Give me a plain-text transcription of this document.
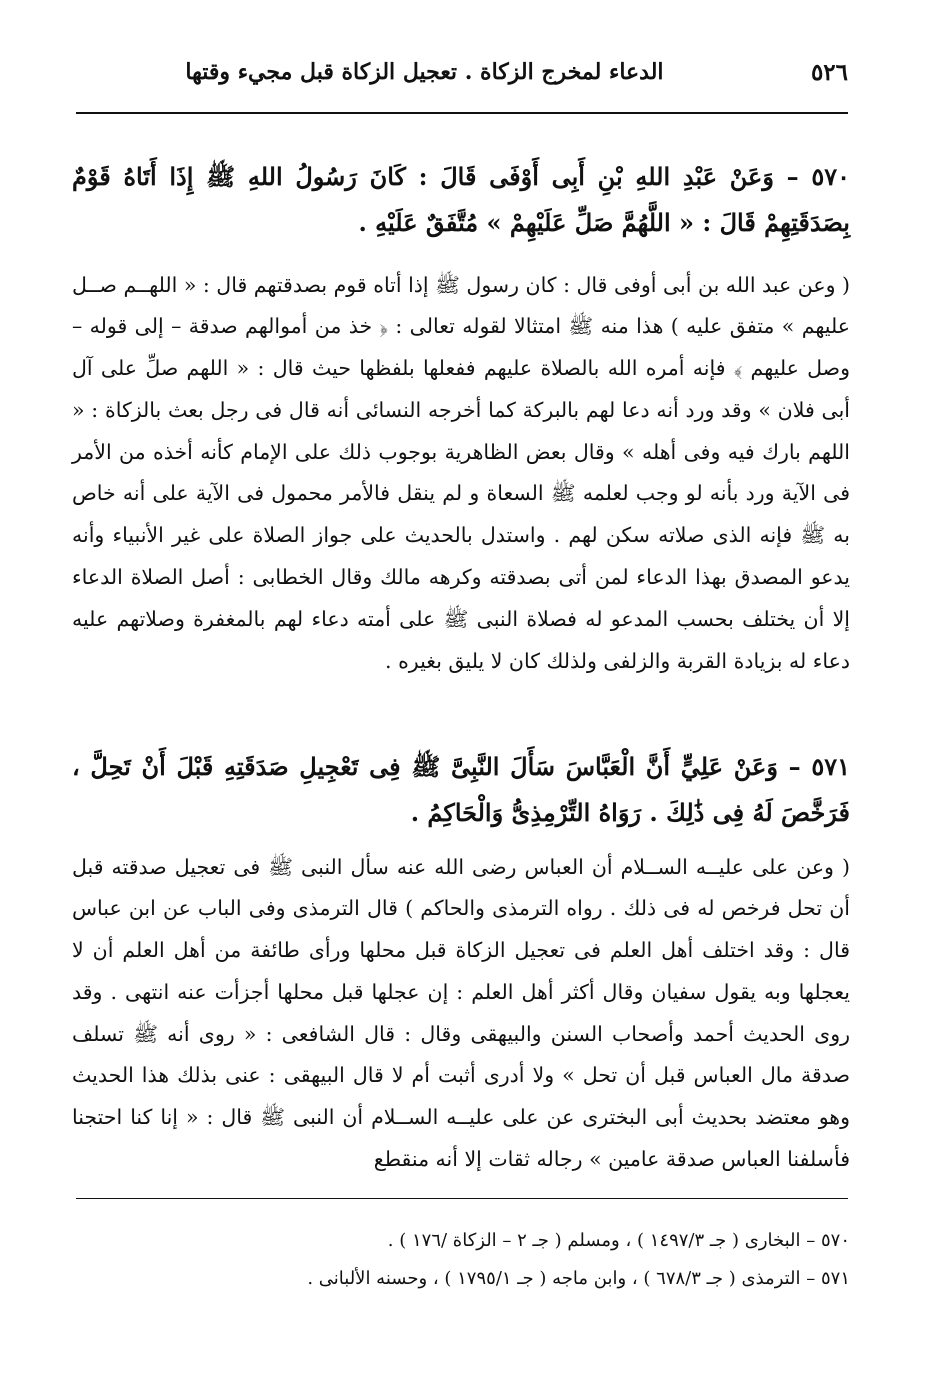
٥٢٦
الدعاء لمخرج الزكاة . تعجيل الزكاة قبل مجيء وقتها

٥٧٠ – وَعَنْ عَبْدِ اللهِ بْنِ أَبِى أَوْفَى قَالَ : كَانَ رَسُولُ اللهِ ﷺ إِذَا أَتَاهُ قَوْمٌ بِصَدَقَتِهِمْ قَالَ : « اللَّهُمَّ صَلِّ عَلَيْهِمْ » مُتَّفَقٌ عَلَيْهِ .

( وعن عبد الله بن أبى أوفى قال : كان رسول ﷺ إذا أتاه قوم بصدقتهم قال : « اللهــم صــل عليهم » متفق عليه ) هذا منه ﷺ امتثالا لقوله تعالى : ﴿ خذ من أموالهم صدقة – إلى قوله – وصل عليهم ﴾ فإنه أمره الله بالصلاة عليهم ففعلها بلفظها حيث قال : « اللهم صلِّ على آل أبى فلان » وقد ورد أنه دعا لهم بالبركة كما أخرجه النسائى أنه قال فى رجل بعث بالزكاة : « اللهم بارك فيه وفى أهله » وقال بعض الظاهرية بوجوب ذلك على الإمام كأنه أخذه من الأمر فى الآية ورد بأنه لو وجب لعلمه ﷺ السعاة و لم ينقل فالأمر محمول فى الآية على أنه خاص به ﷺ فإنه الذى صلاته سكن لهم . واستدل بالحديث على جواز الصلاة على غير الأنبياء وأنه يدعو المصدق بهذا الدعاء لمن أتى بصدقته وكرهه مالك وقال الخطابى : أصل الصلاة الدعاء إلا أن يختلف بحسب المدعو له فصلاة النبى ﷺ على أمته دعاء لهم بالمغفرة وصلاتهم عليه دعاء له بزيادة القربة والزلفى ولذلك كان لا يليق بغيره .

٥٧١ – وَعَنْ عَلِيٍّ أَنَّ الْعَبَّاسَ سَأَلَ النَّبِىَّ ﷺ فِى تَعْجِيلِ صَدَقَتِهِ قَبْلَ أَنْ تَحِلَّ ، فَرَخَّصَ لَهُ فِى ذَٰلِكَ . رَوَاهُ التِّرْمِذِىُّ وَالْحَاكِمُ .

( وعن على عليــه الســلام أن العباس رضى الله عنه سأل النبى ﷺ فى تعجيل صدقته قبل أن تحل فرخص له فى ذلك . رواه الترمذى والحاكم ) قال الترمذى وفى الباب عن ابن عباس قال : وقد اختلف أهل العلم فى تعجيل الزكاة قبل محلها ورأى طائفة من أهل العلم أن لا يعجلها وبه يقول سفيان وقال أكثر أهل العلم : إن عجلها قبل محلها أجزأت عنه انتهى . وقد روى الحديث أحمد وأصحاب السنن والبيهقى وقال : قال الشافعى : « روى أنه ﷺ تسلف صدقة مال العباس قبل أن تحل » ولا أدرى أثبت أم لا قال البيهقى : عنى بذلك هذا الحديث وهو معتضد بحديث أبى البخترى عن على عليــه الســلام أن النبى ﷺ قال : « إنا كنا احتجنا فأسلفنا العباس صدقة عامين » رجاله ثقات إلا أنه منقطع

٥٧٠ – البخارى ( جـ ١٤٩٧/٣ ) ، ومسلم ( جـ ٢ – الزكاة /١٧٦ ) .
٥٧١ – الترمذى ( جـ ٦٧٨/٣ ) ، وابن ماجه ( جـ ١٧٩٥/١ ) ، وحسنه الألبانى .
